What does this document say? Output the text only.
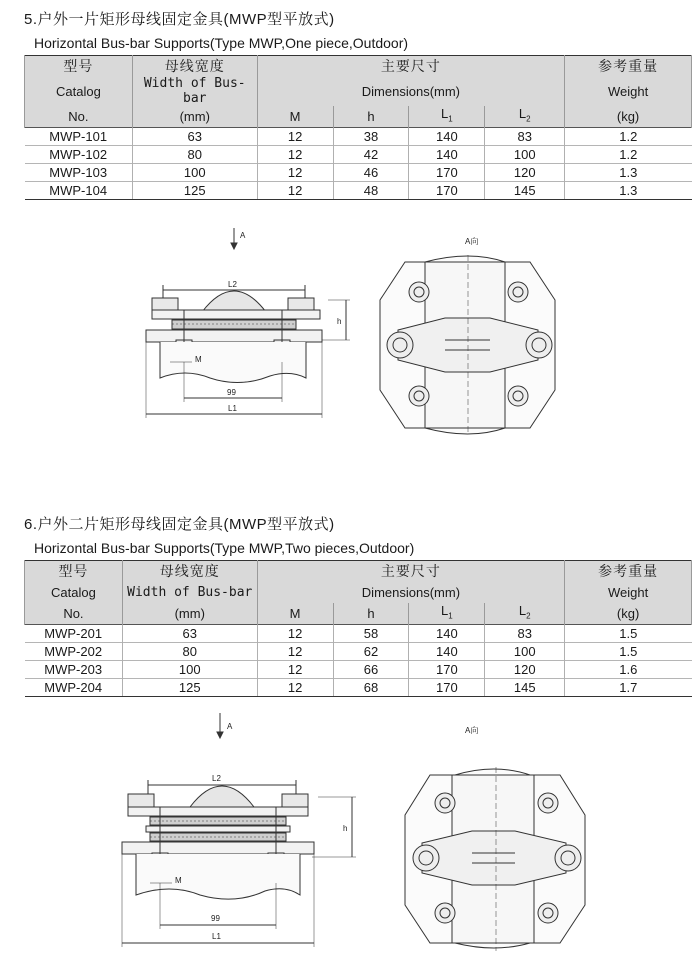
5.户外一片矩形母线固定金具(MWP型平放式)
Horizontal Bus-bar Supports(Type MWP,One piece,Outdoor)
型号	母线宽度	主要尺寸				参考重量
Catalog	Width of Bus-bar	Dimensions(mm)				Weight
No.	(mm)	M	h	$L_1$	$L_2$	(kg)
MWP-101	63	12	38	140	83	1.2
MWP-102	80	12	42	140	100	1.2
MWP-103	100	12	46	170	120	1.3
MWP-104	125	12	48	170	145	1.3
A
L2
h
M
99
L1
A向
6.户外二片矩形母线固定金具(MWP型平放式)
Horizontal Bus-bar Supports(Type MWP,Two pieces,Outdoor)
型号	母线宽度	主要尺寸				参考重量
Catalog	Width of Bus-bar	Dimensions(mm)				Weight
No.	(mm)	M	h	$L_1$	$L_2$	(kg)
MWP-201	63	12	58	140	83	1.5
MWP-202	80	12	62	140	100	1.5
MWP-203	100	12	66	170	120	1.6
MWP-204	125	12	68	170	145	1.7
A
L2
h
M
99
L1
A向
